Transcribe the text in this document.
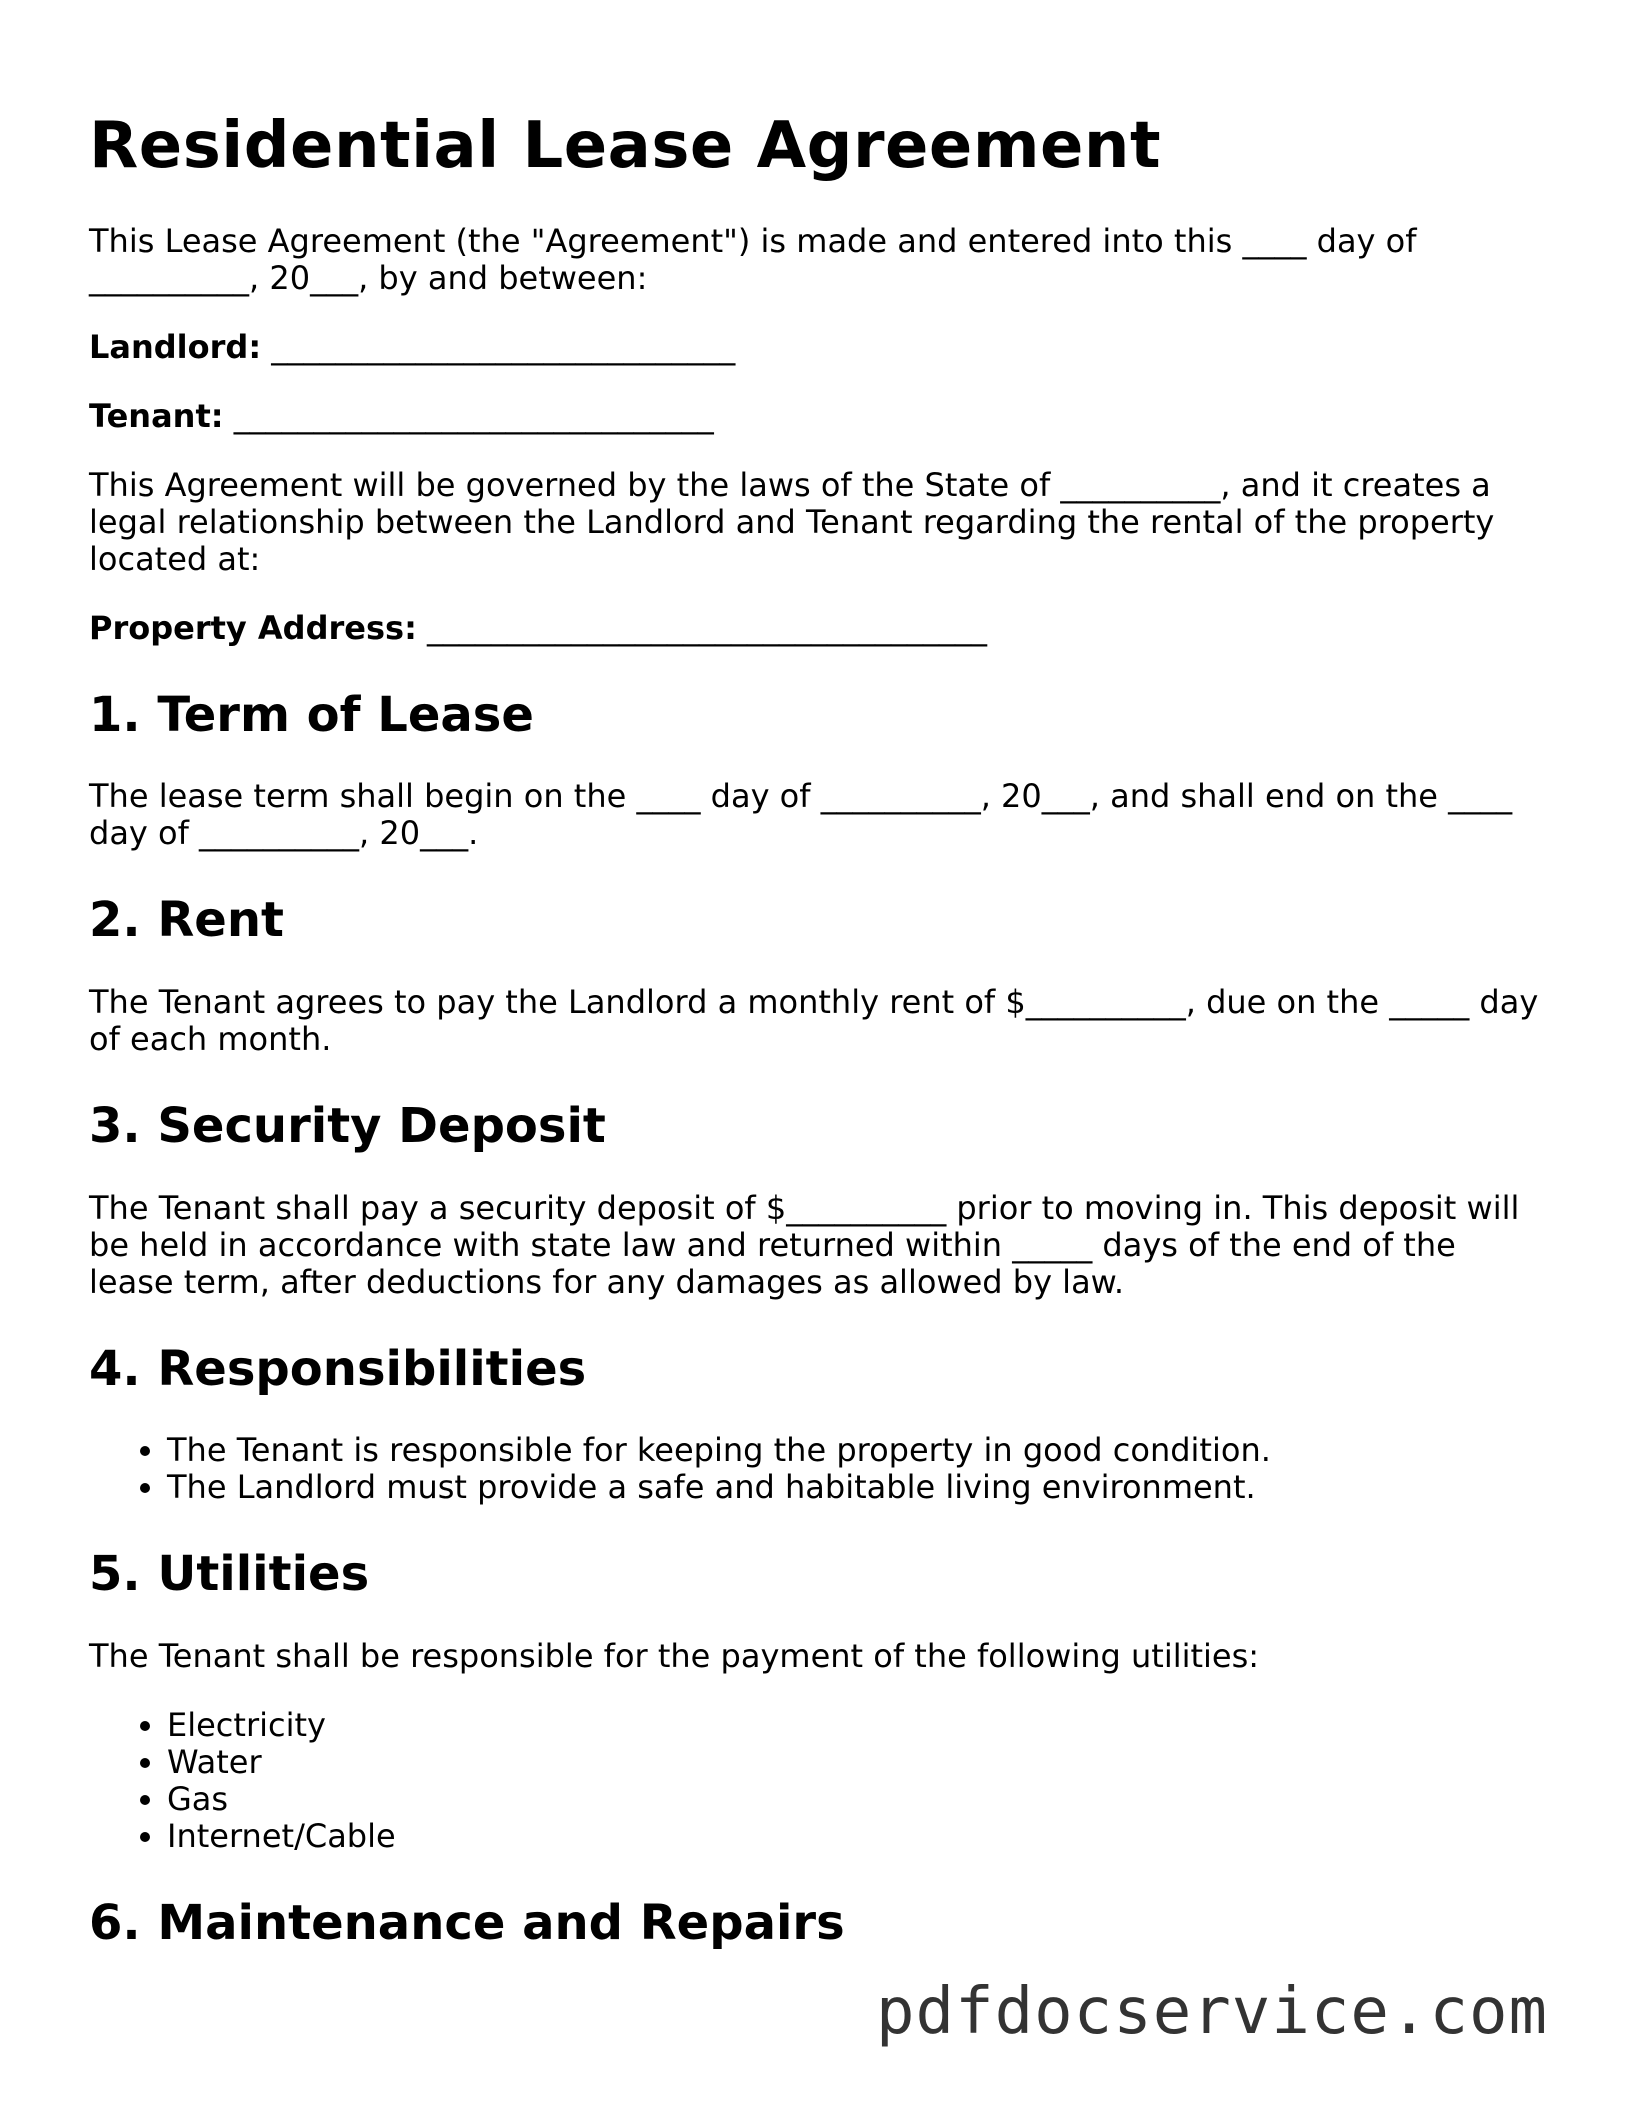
Residential Lease Agreement

This Lease Agreement (the "Agreement") is made and entered into this ____ day of __________, 20___, by and between:

Landlord: _____________________________

Tenant: ______________________________

This Agreement will be governed by the laws of the State of __________, and it creates a legal relationship between the Landlord and Tenant regarding the rental of the property located at:

Property Address: ___________________________________

1. Term of Lease

The lease term shall begin on the ____ day of __________, 20___, and shall end on the ____ day of __________, 20___.

2. Rent

The Tenant agrees to pay the Landlord a monthly rent of $__________, due on the _____ day of each month.

3. Security Deposit

The Tenant shall pay a security deposit of $__________ prior to moving in. This deposit will be held in accordance with state law and returned within _____ days of the end of the lease term, after deductions for any damages as allowed by law.

4. Responsibilities
• The Tenant is responsible for keeping the property in good condition.
• The Landlord must provide a safe and habitable living environment.
5. Utilities

The Tenant shall be responsible for the payment of the following utilities:

• Electricity
• Water
• Gas
• Internet/Cable
6. Maintenance and Repairs
pdfdocservice.com
